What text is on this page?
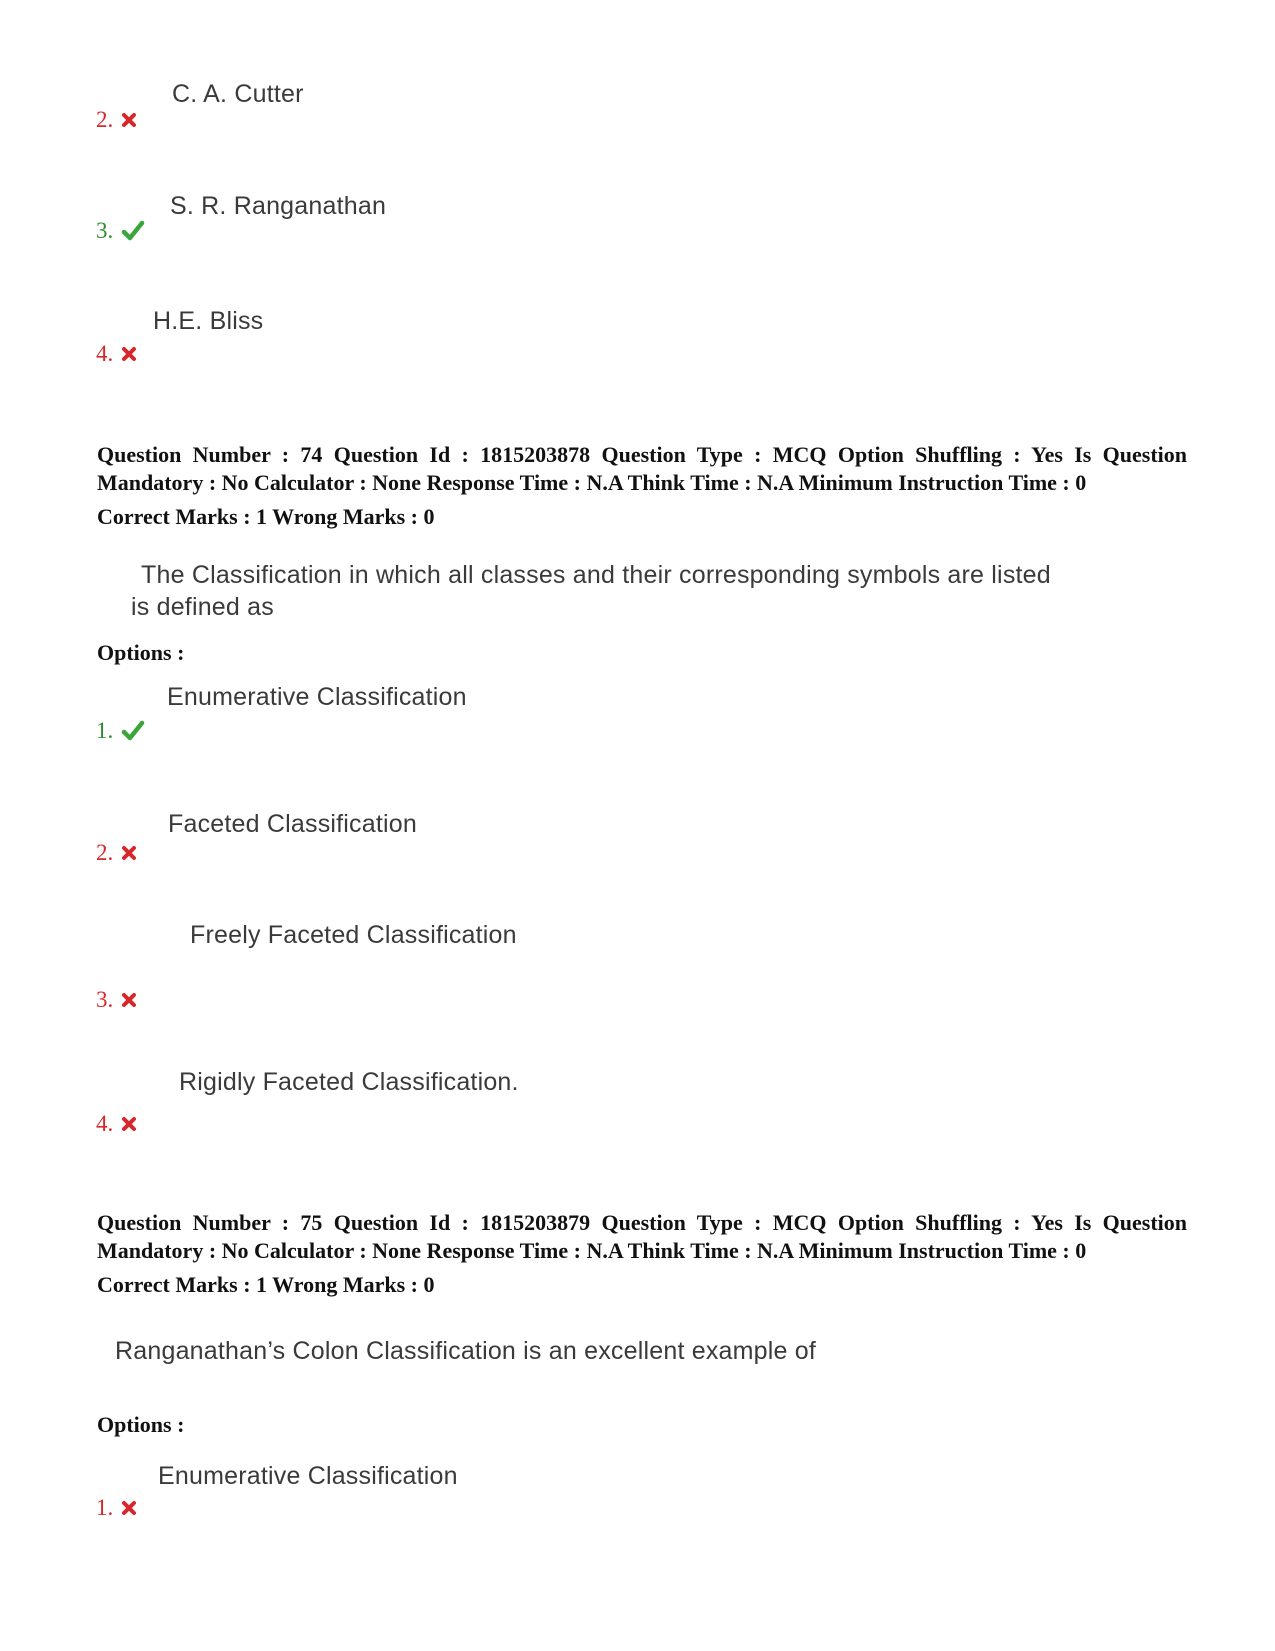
C. A. Cutter
2.
S. R. Ranganathan
3.
H.E. Bliss
4.
Question Number : 74 Question Id : 1815203878 Question Type : MCQ Option Shuffling : Yes Is Question Mandatory : No Calculator : None Response Time : N.A Think Time : N.A Minimum Instruction Time : 0
Correct Marks : 1 Wrong Marks : 0
The Classification in which all classes and their corresponding symbols are listed
is defined as
Options :
Enumerative Classification
1.
Faceted Classification
2.
Freely Faceted Classification
3.
Rigidly Faceted Classification.
4.
Question Number : 75 Question Id : 1815203879 Question Type : MCQ Option Shuffling : Yes Is Question Mandatory : No Calculator : None Response Time : N.A Think Time : N.A Minimum Instruction Time : 0
Correct Marks : 1 Wrong Marks : 0
Ranganathan’s Colon Classification is an excellent example of
Options :
Enumerative Classification
1.
